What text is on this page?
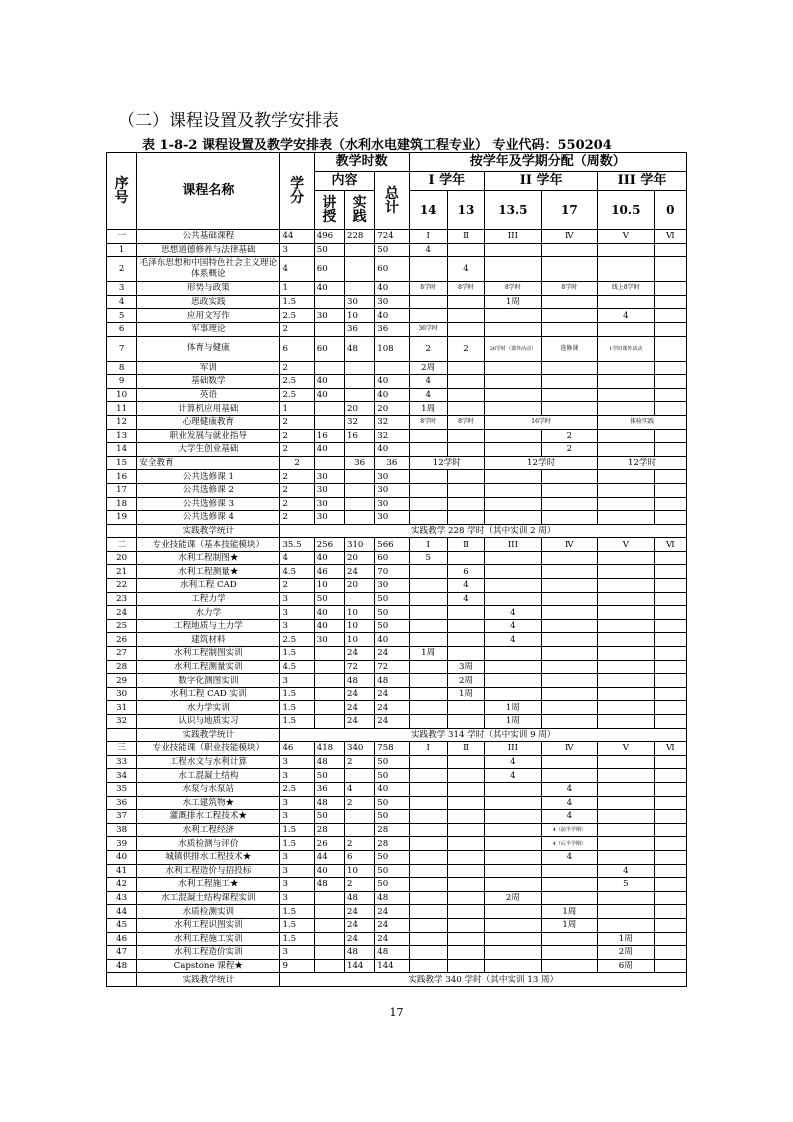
（二）课程设置及教学安排表
表 1-8-2 课程设置及教学安排表（水利水电建筑工程专业） 专业代码：550204
序号	课程名称	学分	教学时数			按学年及学期分配（周数）					
			内容		总计	I 学年		II 学年		III 学年	
			讲授	实践		14	13	13.5	17	10.5	0
一	公共基础课程	44	496	228	724	Ⅰ	Ⅱ	III	Ⅳ	Ⅴ	Ⅵ
1	思想道德修养与法律基础	3	50		50	4					
2	毛泽东思想和中国特色社会主义理论体系概论	4	60		60		4				
3	形势与政策	1	40		40	8学时	8学时	8学时	8学时	线上8学时	
4	思政实践	1.5		30	30			1周			
5	应用文写作	2.5	30	10	40					4	
6	军事理论	2		36	36	36学时					
7	体育与健康	6	60	48	108	2	2	26学时（课外活动）	选修课	1学时课外活动	
8	军训	2				2周					
9	基础数学	2.5	40		40	4					
10	英语	2.5	40		40	4					
11	计算机应用基础	1		20	20	1周					
12	心理健康教育	2		32	32	8学时	8学时	16学时		体验实践	
13	职业发展与就业指导	2	16	16	32				2		
14	大学生创业基础	2	40		40				2		
15	安全教育	2		36	36	12学时		12学时		12学时	
16	公共选修课 1	2	30		30						
17	公共选修课 2	2	30		30						
18	公共选修课 3	2	30		30						
19	公共选修课 4	2	30		30						
	实践教学统计	实践教学 228 学时（其中实训 2 周）									
二	专业技能课（基本技能模块）	35.5	256	310	566	Ⅰ	Ⅱ	III	Ⅳ	Ⅴ	Ⅵ
20	水利工程制图★	4	40	20	60	5					
21	水利工程测量★	4.5	46	24	70		6				
22	水利工程 CAD	2	10	20	30		4				
23	工程力学	3	50		50		4				
24	水力学	3	40	10	50			4			
25	工程地质与土力学	3	40	10	50			4			
26	建筑材料	2.5	30	10	40			4			
27	水利工程制图实训	1.5		24	24	1周					
28	水利工程测量实训	4.5		72	72		3周				
29	数字化测图实训	3		48	48		2周				
30	水利工程 CAD 实训	1.5		24	24		1周				
31	水力学实训	1.5		24	24			1周			
32	认识与地质实习	1.5		24	24			1周			
	实践教学统计	实践教学 314 学时（其中实训 9 周）									
三	专业技能课（职业技能模块）	46	418	340	758	Ⅰ	Ⅱ	III	Ⅳ	Ⅴ	Ⅵ
33	工程水文与水利计算	3	48	2	50			4			
34	水工混凝土结构	3	50		50			4			
35	水泵与水泵站	2.5	36	4	40				4		
36	水工建筑物★	3	48	2	50				4		
37	灌溉排水工程技术★	3	50		50				4		
38	水利工程经济	1.5	28		28				4（前半学期）		
39	水质检测与评价	1.5	26	2	28				4（后半学期）		
40	城镇供排水工程技术★	3	44	6	50				4		
41	水利工程造价与招投标	3	40	10	50					4	
42	水利工程施工★	3	48	2	50					5	
43	水工混凝土结构课程实训	3		48	48			2周			
44	水质检测实训	1.5		24	24				1周		
45	水利工程识图实训	1.5		24	24				1周		
46	水利工程施工实训	1.5		24	24					1周	
47	水利工程造价实训	3		48	48					2周	
48	Capstone 课程★	9		144	144					6周	
	实践教学统计	实践教学 340 学时（其中实训 13 周）									
17
